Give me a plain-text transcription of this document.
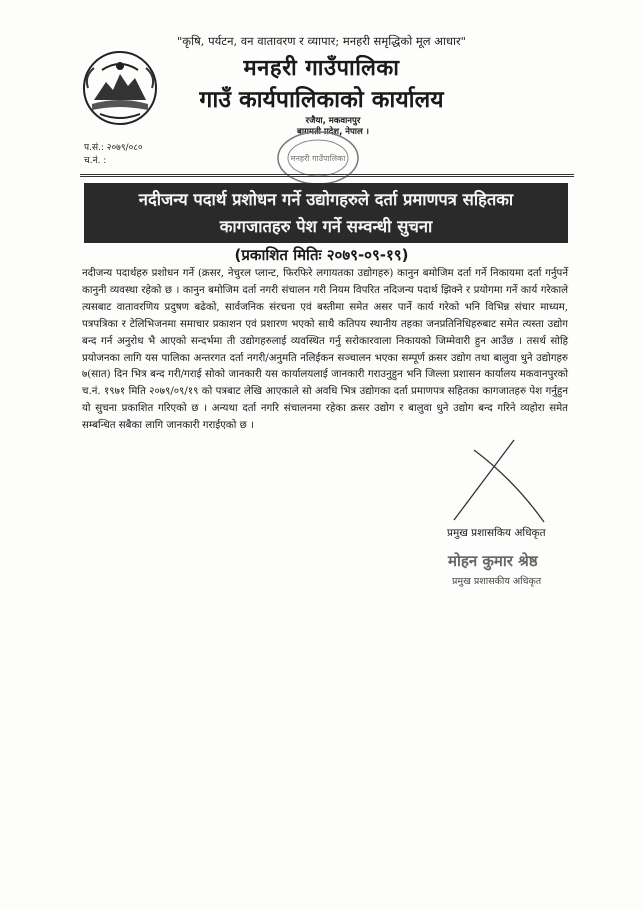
"कृषि, पर्यटन, वन वातावरण र व्यापार; मनहरी समृद्धिको मूल आधार"
मनहरी गाउँपालिका
गाउँ कार्यपालिकाको कार्यालय
रजैया, मकवानपुर
बागमती प्रदेश, नेपाल ।
मनहरी गाउँपालिका
प.सं.: २०७९/०८०
च.नं. :
नदीजन्य पदार्थ प्रशोधन गर्ने उद्योगहरुले दर्ता प्रमाणपत्र सहितका
कागजातहरु पेश गर्ने सम्वन्धी सुचना
(प्रकाशित मितिः २०७९-०९-१९)
नदीजन्य पदार्थहरु प्रशोधन गर्ने (क्रसर, नेचुरल प्लान्ट, फिरफिरे लगायतका उद्योगहरु) कानुन बमोजिम दर्ता गर्ने निकायमा दर्ता गर्नुपर्ने कानुनी व्यवस्था रहेको छ । कानुन बमोजिम दर्ता नगरी संचालन गरी नियम विपरित नदिजन्य पदार्थ झिक्ने र प्रयोगमा गर्ने कार्य गरेकाले त्यसबाट वातावरणिय प्रदुषण बढेको, सार्वजनिक संरचना एवं बस्तीमा समेत असर पार्ने कार्य गरेको भनि विभिन्न संचार माध्यम, पत्रपत्रिका र टेलिभिजनमा समाचार प्रकाशन एवं प्रशारण भएको साथै कतिपय स्थानीय तहका जनप्रतिनिधिहरुबाट समेत त्यस्ता उद्योग बन्द गर्न अनुरोध भै आएको सन्दर्भमा ती उद्योगहरुलाई व्यवस्थित गर्नु सरोकारवाला निकायको जिम्मेवारी हुन आउँछ । तसर्थ सोहि प्रयोजनका लागि यस पालिका अन्तरगत दर्ता नगरी/अनुमति नलिईकन सञ्चालन भएका सम्पूर्ण क्रसर उद्योग तथा बालुवा धुने उद्योगहरु ७(सात) दिन भित्र बन्द गरी/गराई सोको जानकारी यस कार्यालयलाई जानकारी गराउनुहुन भनि जिल्ला प्रशासन कार्यालय मकवानपुरको च.नं. १९७१ मिति २०७९/०९/१९ को पत्रबाट लेखि आएकाले सो अवधि भित्र उद्योगका दर्ता प्रमाणपत्र सहितका कागजातहरु पेश गर्नुहुन यो सुचना प्रकाशित गरिएको छ । अन्यथा दर्ता नगरि संचालनमा रहेका क्रसर उद्योग र बालुवा धुने उद्योग बन्द गरिने व्यहोरा समेत सम्बन्धित सबैका लागि जानकारी गराईएको छ ।
प्रमुख प्रशासकिय अधिकृत
मोहन कुमार श्रेष्ठ
प्रमुख प्रशासकीय अधिकृत
